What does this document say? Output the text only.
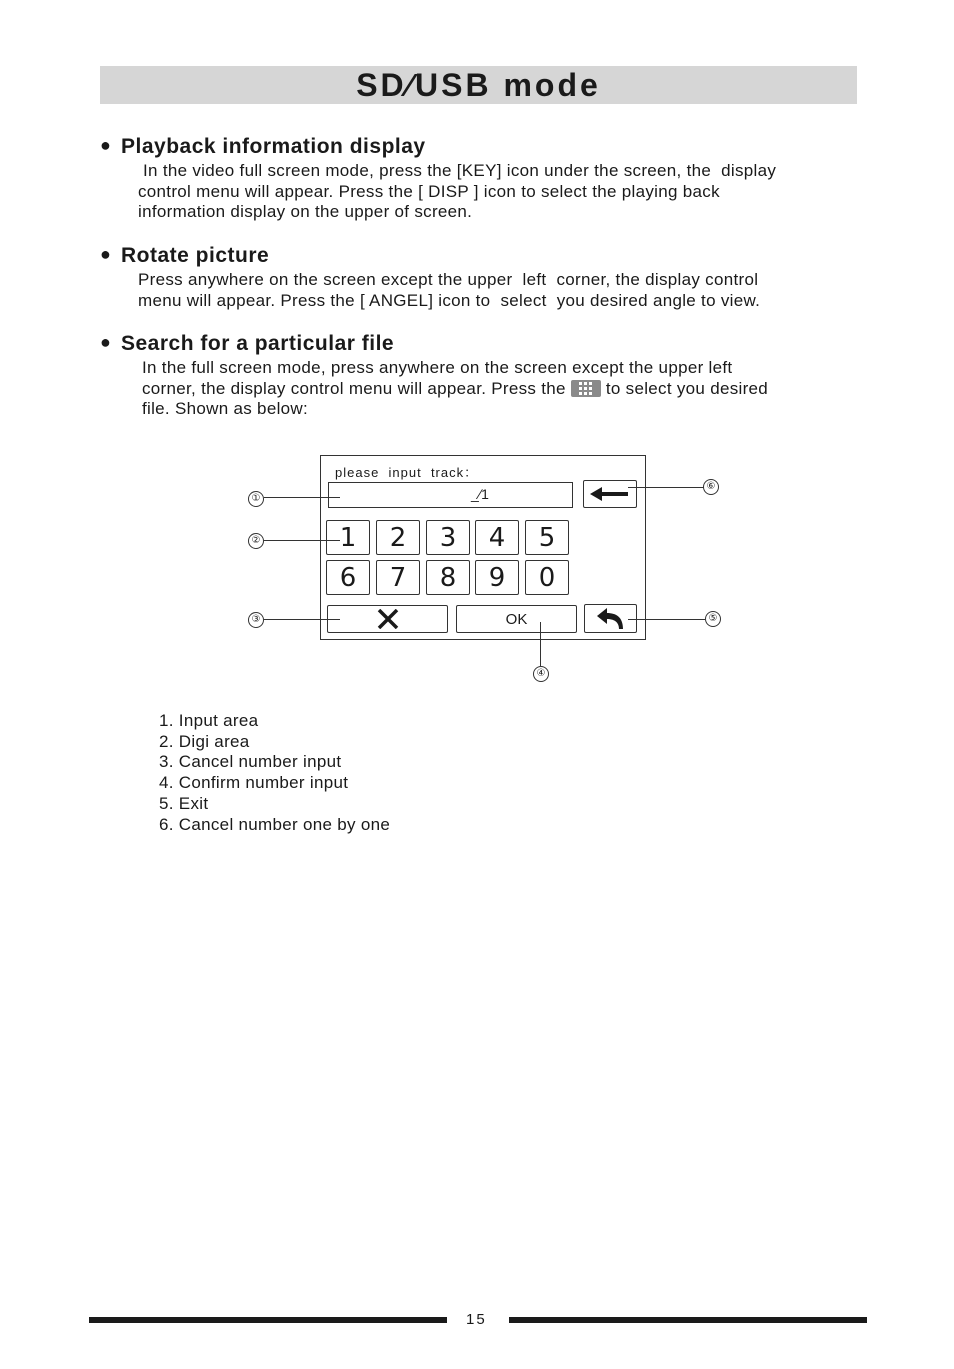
SD∕USB mode
● Playback information display
In the video full screen mode, press the [KEY] icon under the screen, the  display
control menu will appear. Press the [ DISP ] icon to select the playing back
information display on the upper of screen.
● Rotate picture
Press anywhere on the screen except the upper  left  corner, the display control
menu will appear. Press the [ ANGEL] icon to  select  you desired angle to view.
● Search for a particular file
In the full screen mode, press anywhere on the screen except the upper left
corner, the display control menu will appear. Press the to select you desired
file. Shown as below:
please  input  track：
_∕1
1	2	3	4	5
6	7	8	9	0
OK
①
②
③
④
⑤
⑥
1. Input area
2. Digi area
3. Cancel number input
4. Confirm number input
5. Exit
6. Cancel number one by one
15
